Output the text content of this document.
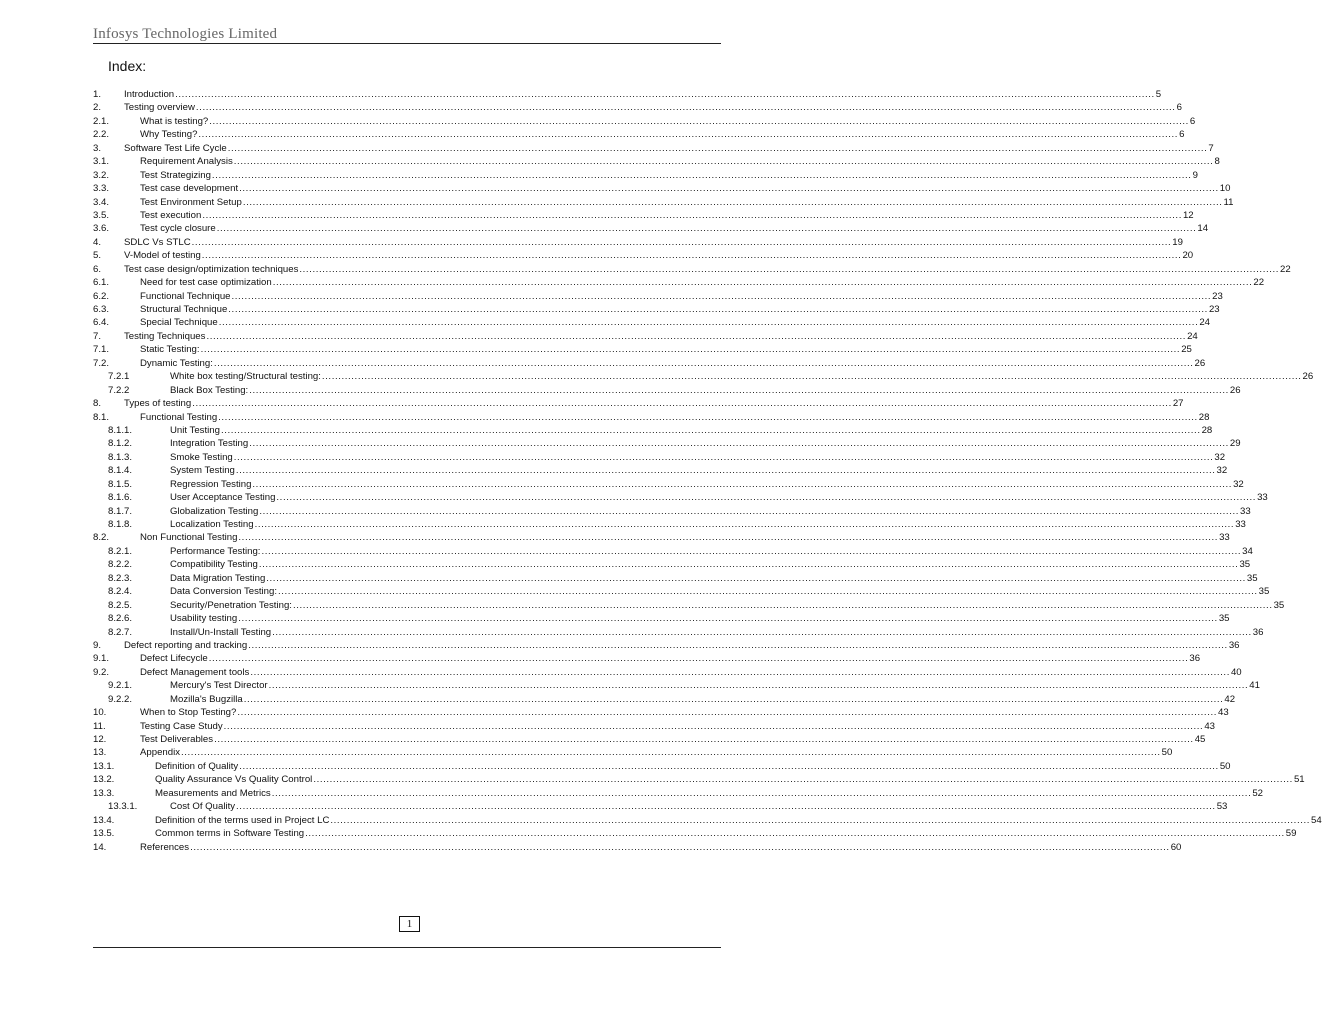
Infosys Technologies Limited
Index:
1. Introduction ............................................................................................................................................................................................................................................................................................................ 5
2. Testing overview ............................................................................................................................................................................................................................................................................................................ 6
2.1.	What is testing? ............................................................................................................................................................................................................................................................................................................ 6
2.2.	Why Testing? ............................................................................................................................................................................................................................................................................................................ 6
3. Software Test Life Cycle ............................................................................................................................................................................................................................................................................................................ 7
3.1.	Requirement Analysis ............................................................................................................................................................................................................................................................................................................ 8
3.2.	Test Strategizing ............................................................................................................................................................................................................................................................................................................ 9
3.3.	Test case development ............................................................................................................................................................................................................................................................................................................ 10
3.4.	Test Environment Setup ............................................................................................................................................................................................................................................................................................................ 11
3.5.	Test execution ............................................................................................................................................................................................................................................................................................................ 12
3.6.	Test cycle closure ............................................................................................................................................................................................................................................................................................................ 14
4. SDLC Vs STLC ............................................................................................................................................................................................................................................................................................................ 19
5. V-Model of testing ............................................................................................................................................................................................................................................................................................................ 20
6. Test case design/optimization techniques ............................................................................................................................................................................................................................................................................................................ 22
6.1.	Need for test case optimization ............................................................................................................................................................................................................................................................................................................ 22
6.2.	Functional Technique ............................................................................................................................................................................................................................................................................................................ 23
6.3.	Structural Technique ............................................................................................................................................................................................................................................................................................................ 23
6.4.	Special Technique ............................................................................................................................................................................................................................................................................................................ 24
7. Testing Techniques ............................................................................................................................................................................................................................................................................................................ 24
7.1.	Static Testing: ............................................................................................................................................................................................................................................................................................................ 25
7.2.	Dynamic Testing: ............................................................................................................................................................................................................................................................................................................ 26
7.2.1	White box testing/Structural testing: ............................................................................................................................................................................................................................................................................................................ 26
7.2.2	Black Box Testing: ............................................................................................................................................................................................................................................................................................................ 26
8. Types of testing ............................................................................................................................................................................................................................................................................................................ 27
8.1.	Functional Testing ............................................................................................................................................................................................................................................................................................................ 28
8.1.1.	Unit Testing ............................................................................................................................................................................................................................................................................................................ 28
8.1.2.	Integration Testing ............................................................................................................................................................................................................................................................................................................ 29
8.1.3.	Smoke Testing ............................................................................................................................................................................................................................................................................................................ 32
8.1.4.	System Testing ............................................................................................................................................................................................................................................................................................................ 32
8.1.5.	Regression Testing ............................................................................................................................................................................................................................................................................................................ 32
8.1.6.	User Acceptance Testing ............................................................................................................................................................................................................................................................................................................ 33
8.1.7.	Globalization Testing ............................................................................................................................................................................................................................................................................................................ 33
8.1.8.	Localization Testing ............................................................................................................................................................................................................................................................................................................ 33
8.2.	Non Functional Testing ............................................................................................................................................................................................................................................................................................................ 33
8.2.1.	Performance Testing: ............................................................................................................................................................................................................................................................................................................ 34
8.2.2.	Compatibility Testing ............................................................................................................................................................................................................................................................................................................ 35
8.2.3.	Data Migration Testing ............................................................................................................................................................................................................................................................................................................ 35
8.2.4.	Data Conversion Testing: ............................................................................................................................................................................................................................................................................................................ 35
8.2.5.	Security/Penetration Testing: ............................................................................................................................................................................................................................................................................................................ 35
8.2.6.	Usability testing ............................................................................................................................................................................................................................................................................................................ 35
8.2.7.	Install/Un-Install Testing ............................................................................................................................................................................................................................................................................................................ 36
9. Defect reporting and tracking ............................................................................................................................................................................................................................................................................................................ 36
9.1.	Defect Lifecycle ............................................................................................................................................................................................................................................................................................................ 36
9.2.	Defect Management tools ............................................................................................................................................................................................................................................................................................................ 40
9.2.1.	Mercury's Test Director ............................................................................................................................................................................................................................................................................................................ 41
9.2.2.	Mozilla's Bugzilla ............................................................................................................................................................................................................................................................................................................ 42
10.	When to Stop Testing? ............................................................................................................................................................................................................................................................................................................ 43
11.	Testing Case Study ............................................................................................................................................................................................................................................................................................................ 43
12.	Test Deliverables ............................................................................................................................................................................................................................................................................................................ 45
13.	Appendix ............................................................................................................................................................................................................................................................................................................ 50
13.1.	Definition of Quality ............................................................................................................................................................................................................................................................................................................ 50
13.2.	Quality Assurance Vs Quality Control ............................................................................................................................................................................................................................................................................................................ 51
13.3.	Measurements and Metrics ............................................................................................................................................................................................................................................................................................................ 52
13.3.1.	Cost Of Quality ............................................................................................................................................................................................................................................................................................................ 53
13.4.	Definition of the terms used in Project LC ............................................................................................................................................................................................................................................................................................................ 54
13.5.	Common terms in Software Testing ............................................................................................................................................................................................................................................................................................................ 59
14.	References ............................................................................................................................................................................................................................................................................................................ 60
1
